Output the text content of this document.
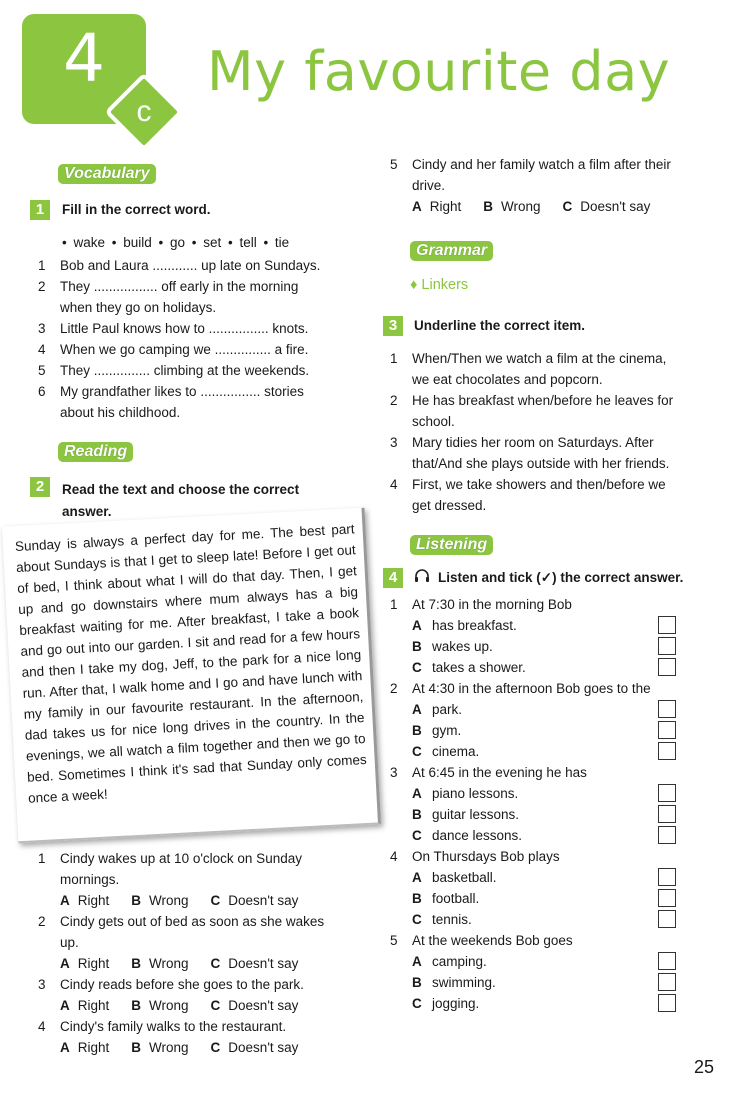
4
c
My favourite day
Vocabulary
1	Fill in the correct word.
• wake • build • go • set • tell • tie
1 Bob and Laura ............ up late on Sundays.
2 They ................. off early in the morning
when they go on holidays.
3 Little Paul knows how to ................ knots.
4 When we go camping we ............... a fire.
5 They ............... climbing at the weekends.
6 My grandfather likes to ................ stories
about his childhood.
Reading
2	Read the text and choose the correct
answer.
Sunday is always a perfect day for me. The best part about Sundays is that I get to sleep late! Before I get out of bed, I think about what I will do that day. Then, I get up and go downstairs where mum always has a big breakfast waiting for me. After breakfast, I take a book and go out into our garden. I sit and read for a few hours and then I take my dog, Jeff, to the park for a nice long run. After that, I walk home and I go and have lunch with my family in our favourite restaurant. In the afternoon, dad takes us for nice long drives in the country. In the evenings, we all watch a film together and then we go to bed. Sometimes I think it's sad that Sunday only comes once a week!
1 Cindy wakes up at 10 o'clock on Sunday
mornings.
A Right B Wrong C Doesn't say
2 Cindy gets out of bed as soon as she wakes
up.
A Right B Wrong C Doesn't say
3 Cindy reads before she goes to the park.
A Right B Wrong C Doesn't say
4 Cindy's family walks to the restaurant.
A Right B Wrong C Doesn't say
5 Cindy and her family watch a film after their
drive.
A Right B Wrong C Doesn't say
Grammar
♦ Linkers
3	Underline the correct item.
1 When/Then we watch a film at the cinema,
we eat chocolates and popcorn.
2 He has breakfast when/before he leaves for
school.
3 Mary tidies her room on Saturdays. After
that/And she plays outside with her friends.
4 First, we take showers and then/before we
get dressed.
Listening
4	Listen and tick (✓) the correct answer.
1 At 7:30 in the morning Bob
A has breakfast.
B wakes up.
C takes a shower.
2 At 4:30 in the afternoon Bob goes to the
A park.
B gym.
C cinema.
3 At 6:45 in the evening he has
A piano lessons.
B guitar lessons.
C dance lessons.
4 On Thursdays Bob plays
A basketball.
B football.
C tennis.
5 At the weekends Bob goes
A camping.
B swimming.
C jogging.
25
